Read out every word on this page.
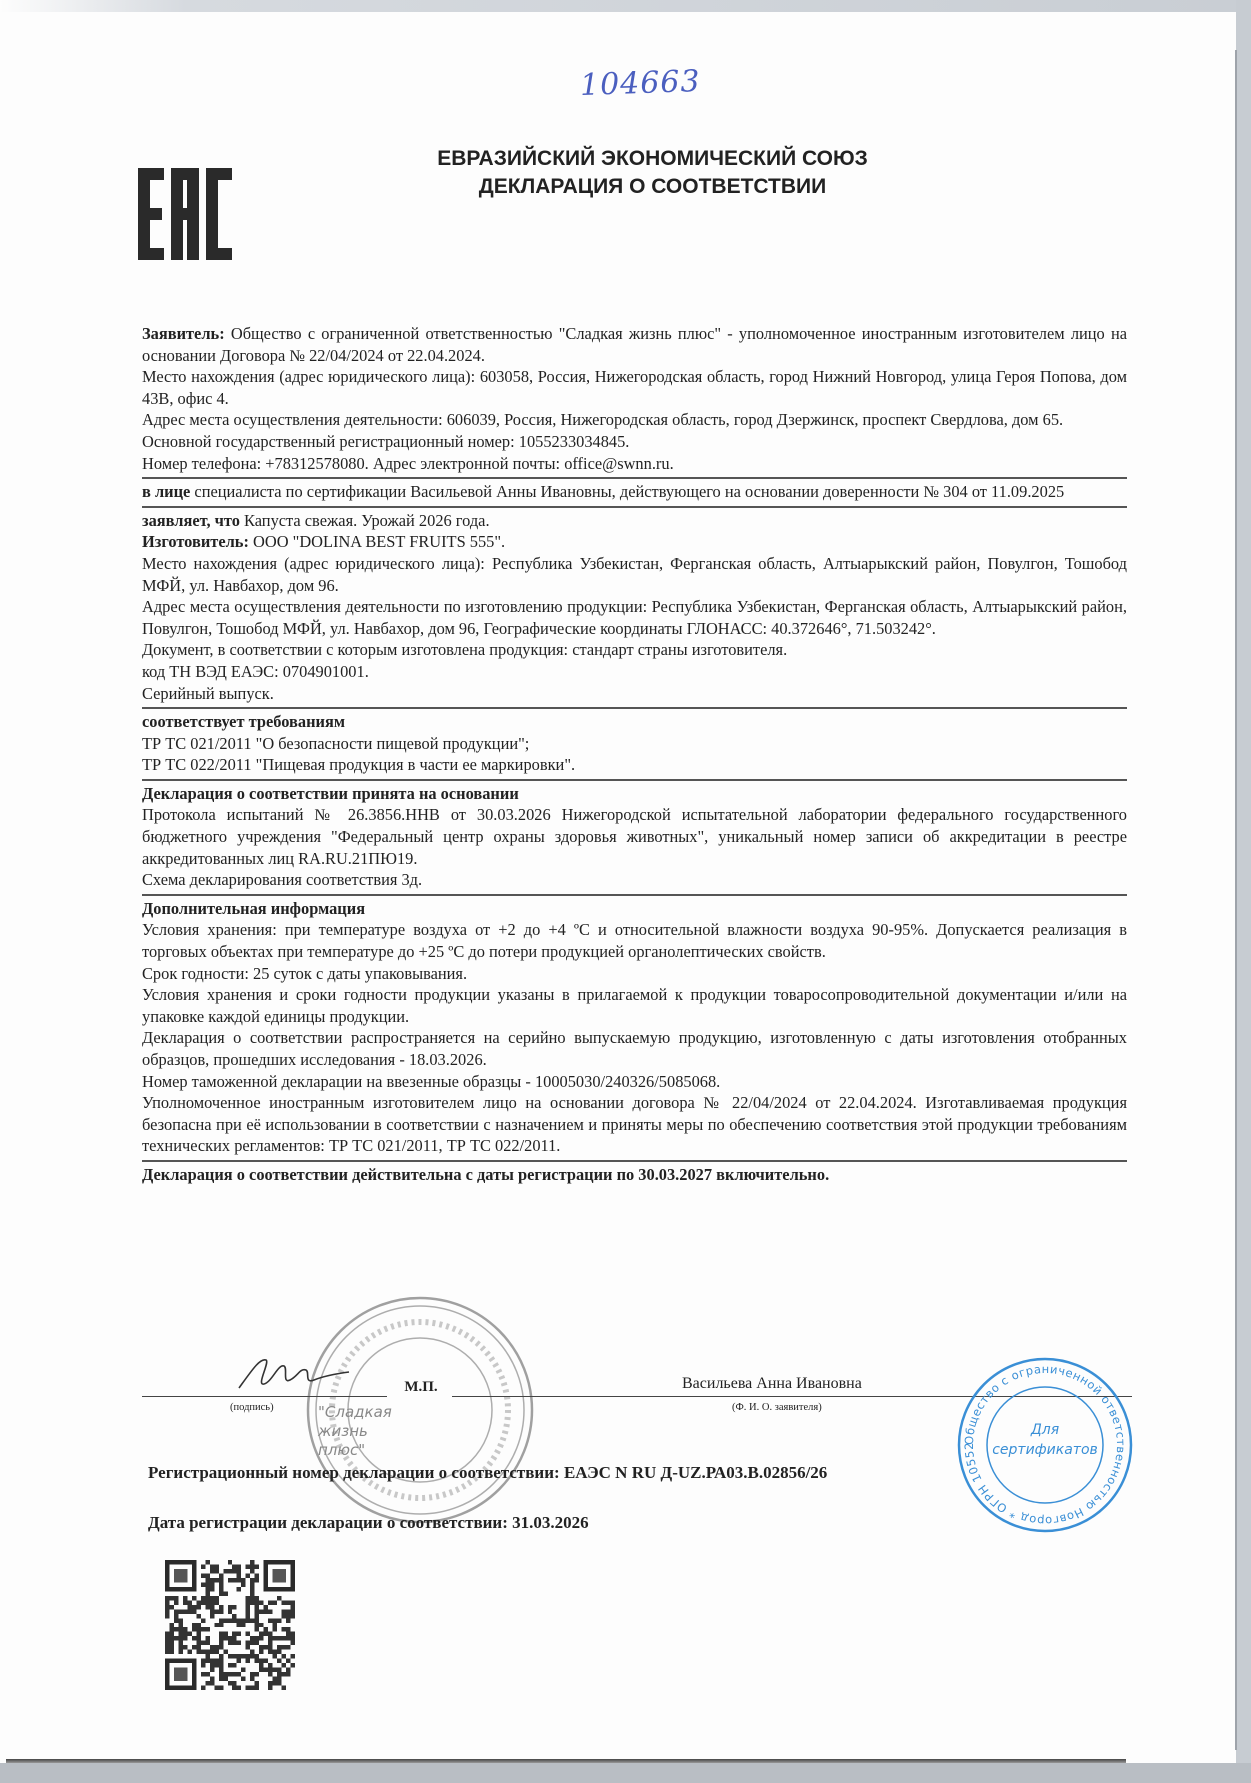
104663
ЕВРАЗИЙСКИЙ ЭКОНОМИЧЕСКИЙ СОЮЗ
ДЕКЛАРАЦИЯ О СООТВЕТСТВИИ

Заявитель: Общество с ограниченной ответственностью "Сладкая жизнь плюс" - уполномоченное иностранным изготовителем лицо на основании Договора № 22/04/2024 от 22.04.2024.

Место нахождения (адрес юридического лица): 603058, Россия, Нижегородская область, город Нижний Новгород, улица Героя Попова, дом 43В, офис 4.

Адрес места осуществления деятельности: 606039, Россия, Нижегородская область, город Дзержинск, проспект Свердлова, дом 65.

Основной государственный регистрационный номер: 1055233034845.

Номер телефона: +78312578080. Адрес электронной почты: office@swnn.ru.

в лице специалиста по сертификации Васильевой Анны Ивановны, действующего на основании доверенности № 304 от 11.09.2025

заявляет, что Капуста свежая. Урожай 2026 года.

Изготовитель: ООО "DOLINA BEST FRUITS 555".

Место нахождения (адрес юридического лица): Республика Узбекистан, Ферганская область, Алтыарыкский район, Повулгон, Тошобод МФЙ, ул. Навбахор, дом 96.

Адрес места осуществления деятельности по изготовлению продукции: Республика Узбекистан, Ферганская область, Алтыарыкский район, Повулгон, Тошобод МФЙ, ул. Навбахор, дом 96, Географические координаты ГЛОНАСС: 40.372646°, 71.503242°.

Документ, в соответствии с которым изготовлена продукция: стандарт страны изготовителя.

код ТН ВЭД ЕАЭС: 0704901001.

Серийный выпуск.

соответствует требованиям

ТР ТС 021/2011 "О безопасности пищевой продукции";

ТР ТС 022/2011 "Пищевая продукция в части ее маркировки".

Декларация о соответствии принята на основании

Протокола испытаний № 26.3856.ННВ от 30.03.2026 Нижегородской испытательной лаборатории федерального государственного бюджетного учреждения "Федеральный центр охраны здоровья животных", уникальный номер записи об аккредитации в реестре аккредитованных лиц RA.RU.21ПЮ19.

Схема декларирования соответствия 3д.

Дополнительная информация

Условия хранения: при температуре воздуха от +2 до +4 ºС и относительной влажности воздуха 90-95%. Допускается реализация в торговых объектах при температуре до +25 ºС до потери продукцией органолептических свойств.

Срок годности: 25 суток с даты упаковывания.

Условия хранения и сроки годности продукции указаны в прилагаемой к продукции товаросопроводительной документации и/или на упаковке каждой единицы продукции.

Декларация о соответствии распространяется на серийно выпускаемую продукцию, изготовленную с даты изготовления отобранных образцов, прошедших исследования - 18.03.2026.

Номер таможенной декларации на ввезенные образцы - 10005030/240326/5085068.

Уполномоченное иностранным изготовителем лицо на основании договора № 22/04/2024 от 22.04.2024. Изготавливаемая продукция безопасна при её использовании в соответствии с назначением и приняты меры по обеспечению соответствия этой продукции требованиям технических регламентов: ТР ТС 021/2011, ТР ТС 022/2011.

Декларация о соответствии действительна с даты регистрации по 30.03.2027 включительно.

М.П.	Васильева Анна Ивановна
(подпись)	(Ф. И. О. заявителя)
"Сладкая
жизнь
плюс"
Регистрационный номер декларации о соответствии: ЕАЭС N RU Д-UZ.РА03.В.02856/26
Дата регистрации декларации о соответствии: 31.03.2026
Общество с ограниченной ответственностью Новгород * ОГРН 10552
Для
сертификатов
